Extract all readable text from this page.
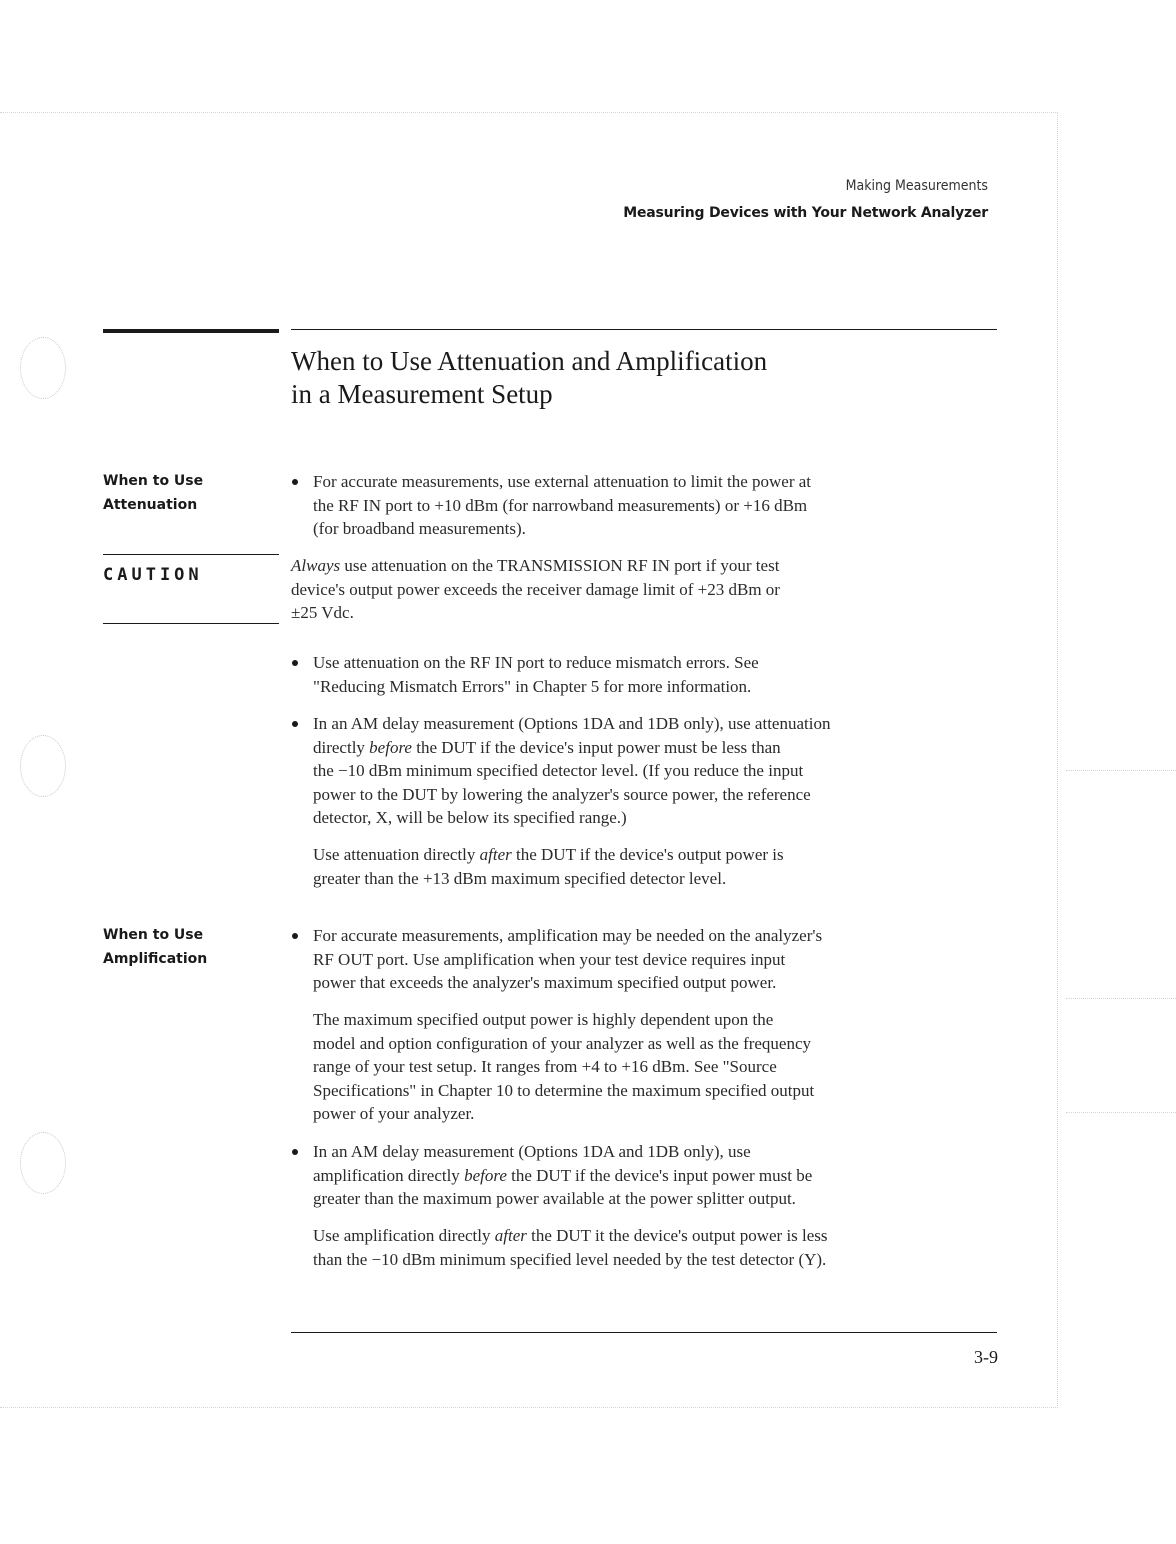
Making Measurements
Measuring Devices with Your Network Analyzer
When to Use Attenuation and Amplification
in a Measurement Setup
When to Use
Attenuation
For accurate measurements, use external attenuation to limit the power at
the RF IN port to +10 dBm (for narrowband measurements) or +16 dBm
(for broadband measurements).
CAUTION	Always use attenuation on the TRANSMISSION RF IN port if your test
device's output power exceeds the receiver damage limit of +23 dBm or
±25 Vdc.
Use attenuation on the RF IN port to reduce mismatch errors. See
"Reducing Mismatch Errors" in Chapter 5 for more information.
In an AM delay measurement (Options 1DA and 1DB only), use attenuation
directly before the DUT if the device's input power must be less than
the −10 dBm minimum specified detector level. (If you reduce the input
power to the DUT by lowering the analyzer's source power, the reference
detector, X, will be below its specified range.)
Use attenuation directly after the DUT if the device's output power is
greater than the +13 dBm maximum specified detector level.
When to Use
Amplification
For accurate measurements, amplification may be needed on the analyzer's
RF OUT port. Use amplification when your test device requires input
power that exceeds the analyzer's maximum specified output power.
The maximum specified output power is highly dependent upon the
model and option configuration of your analyzer as well as the frequency
range of your test setup. It ranges from +4 to +16 dBm. See "Source
Specifications" in Chapter 10 to determine the maximum specified output
power of your analyzer.
In an AM delay measurement (Options 1DA and 1DB only), use
amplification directly before the DUT if the device's input power must be
greater than the maximum power available at the power splitter output.
Use amplification directly after the DUT it the device's output power is less
than the −10 dBm minimum specified level needed by the test detector (Y).
3-9
